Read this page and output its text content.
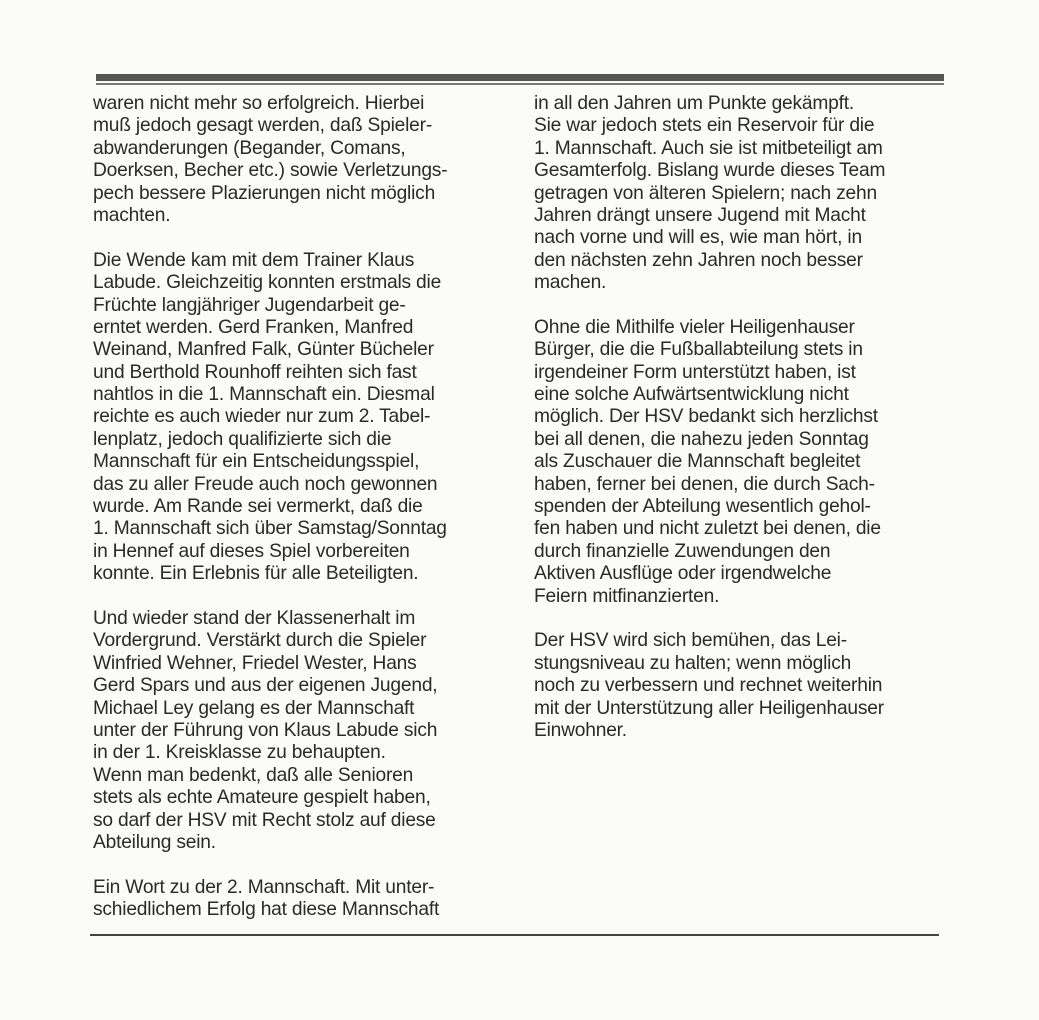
waren nicht mehr so erfolgreich. Hierbei
muß jedoch gesagt werden, daß Spieler-
abwanderungen (Begander, Comans,
Doerksen, Becher etc.) sowie Verletzungs-
pech bessere Plazierungen nicht möglich
machten.
Die Wende kam mit dem Trainer Klaus
Labude. Gleichzeitig konnten erstmals die
Früchte langjähriger Jugendarbeit ge-
erntet werden. Gerd Franken, Manfred
Weinand, Manfred Falk, Günter Bücheler
und Berthold Rounhoff reihten sich fast
nahtlos in die 1. Mannschaft ein. Diesmal
reichte es auch wieder nur zum 2. Tabel-
lenplatz, jedoch qualifizierte sich die
Mannschaft für ein Entscheidungsspiel,
das zu aller Freude auch noch gewonnen
wurde. Am Rande sei vermerkt, daß die
1. Mannschaft sich über Samstag/Sonntag
in Hennef auf dieses Spiel vorbereiten
konnte. Ein Erlebnis für alle Beteiligten.
Und wieder stand der Klassenerhalt im
Vordergrund. Verstärkt durch die Spieler
Winfried Wehner, Friedel Wester, Hans
Gerd Spars und aus der eigenen Jugend,
Michael Ley gelang es der Mannschaft
unter der Führung von Klaus Labude sich
in der 1. Kreisklasse zu behaupten.
Wenn man bedenkt, daß alle Senioren
stets als echte Amateure gespielt haben,
so darf der HSV mit Recht stolz auf diese
Abteilung sein.
Ein Wort zu der 2. Mannschaft. Mit unter-
schiedlichem Erfolg hat diese Mannschaft
in all den Jahren um Punkte gekämpft.
Sie war jedoch stets ein Reservoir für die
1. Mannschaft. Auch sie ist mitbeteiligt am
Gesamterfolg. Bislang wurde dieses Team
getragen von älteren Spielern; nach zehn
Jahren drängt unsere Jugend mit Macht
nach vorne und will es, wie man hört, in
den nächsten zehn Jahren noch besser
machen.
Ohne die Mithilfe vieler Heiligenhauser
Bürger, die die Fußballabteilung stets in
irgendeiner Form unterstützt haben, ist
eine solche Aufwärtsentwicklung nicht
möglich. Der HSV bedankt sich herzlichst
bei all denen, die nahezu jeden Sonntag
als Zuschauer die Mannschaft begleitet
haben, ferner bei denen, die durch Sach-
spenden der Abteilung wesentlich gehol-
fen haben und nicht zuletzt bei denen, die
durch finanzielle Zuwendungen den
Aktiven Ausflüge oder irgendwelche
Feiern mitfinanzierten.
Der HSV wird sich bemühen, das Lei-
stungsniveau zu halten; wenn möglich
noch zu verbessern und rechnet weiterhin
mit der Unterstützung aller Heiligenhauser
Einwohner.
